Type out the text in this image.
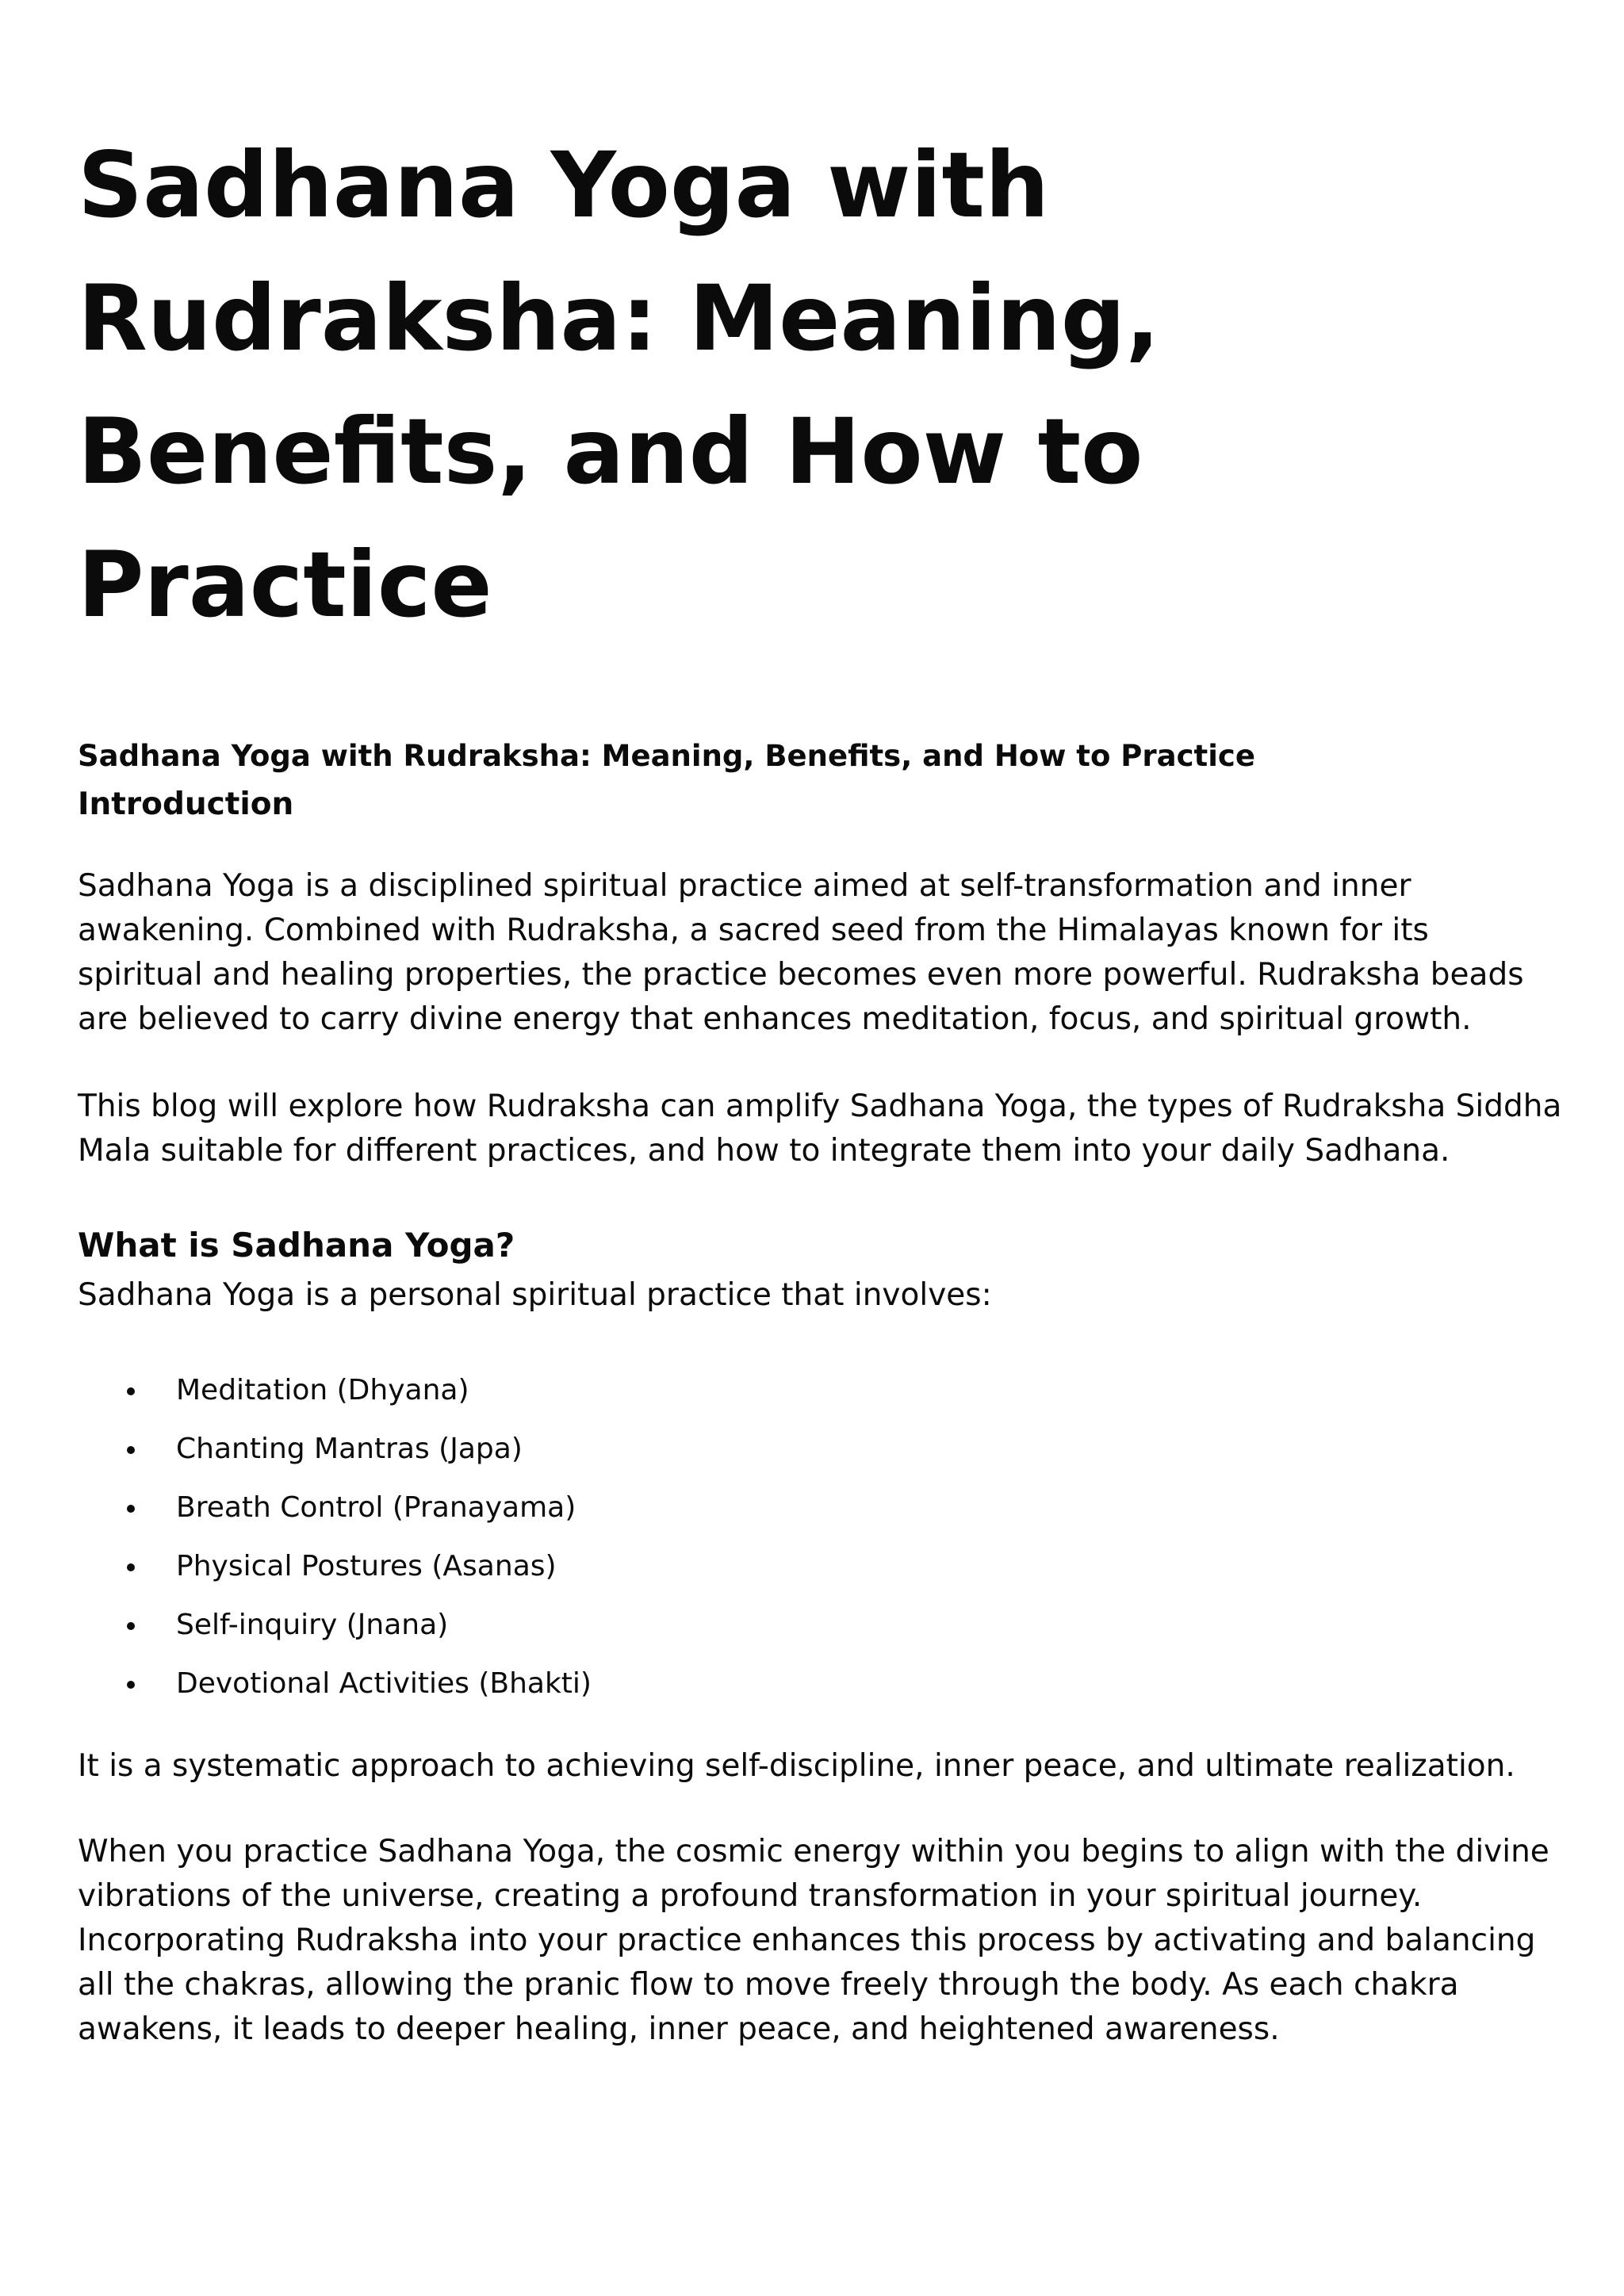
Sadhana Yoga with
Rudraksha: Meaning,
Benefits, and How to Practice

Sadhana Yoga with Rudraksha: Meaning, Benefits, and How to Practice

Introduction

Sadhana Yoga is a disciplined spiritual practice aimed at self-transformation and inner
awakening. Combined with Rudraksha, a sacred seed from the Himalayas known for its
spiritual and healing properties, the practice becomes even more powerful. Rudraksha beads
are believed to carry divine energy that enhances meditation, focus, and spiritual growth.

This blog will explore how Rudraksha can amplify Sadhana Yoga, the types of Rudraksha Siddha
Mala suitable for different practices, and how to integrate them into your daily Sadhana.

What is Sadhana Yoga?

Sadhana Yoga is a personal spiritual practice that involves:

Meditation (Dhyana)
Chanting Mantras (Japa)
Breath Control (Pranayama)
Physical Postures (Asanas)
Self-inquiry (Jnana)
Devotional Activities (Bhakti)

It is a systematic approach to achieving self-discipline, inner peace, and ultimate realization.

When you practice Sadhana Yoga, the cosmic energy within you begins to align with the divine
vibrations of the universe, creating a profound transformation in your spiritual journey.
Incorporating Rudraksha into your practice enhances this process by activating and balancing
all the chakras, allowing the pranic flow to move freely through the body. As each chakra
awakens, it leads to deeper healing, inner peace, and heightened awareness.
